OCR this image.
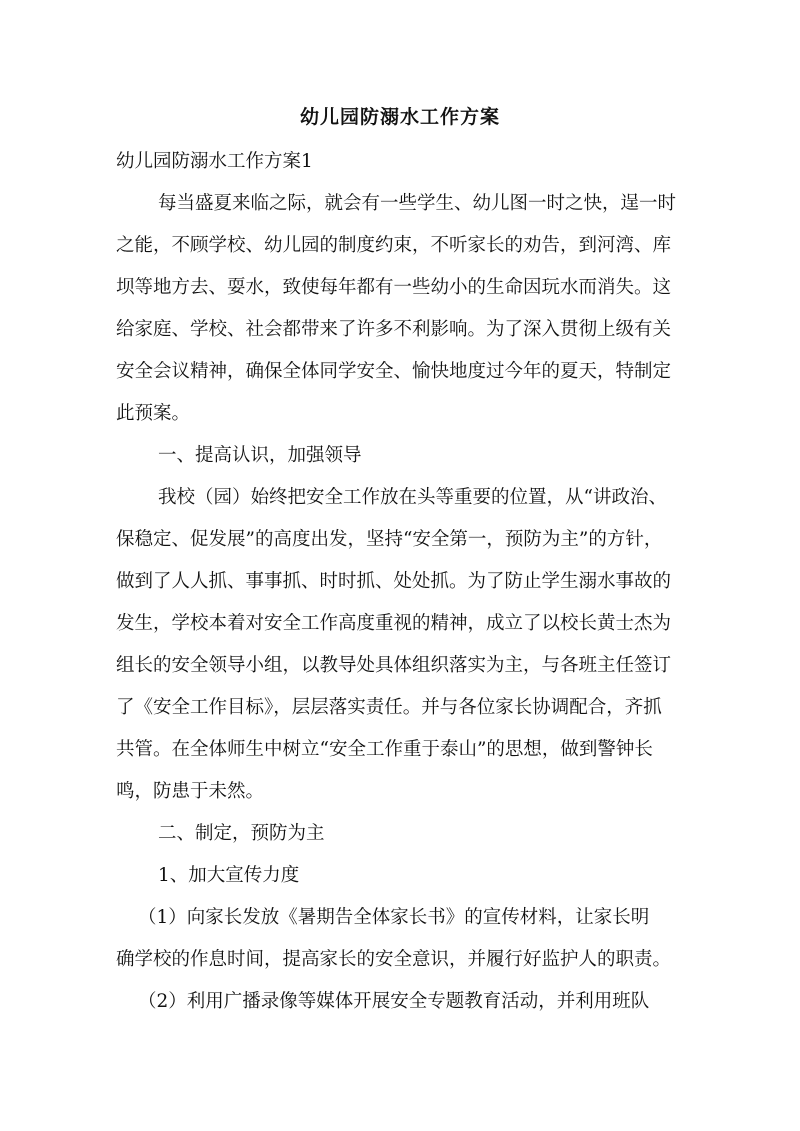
幼儿园防溺水工作方案
幼儿园防溺水工作方案1
每当盛夏来临之际，就会有一些学生、幼儿图一时之快，逞一时
之能，不顾学校、幼儿园的制度约束，不听家长的劝告，到河湾、库
坝等地方去、耍水，致使每年都有一些幼小的生命因玩水而消失。这
给家庭、学校、社会都带来了许多不利影响。为了深入贯彻上级有关
安全会议精神，确保全体同学安全、愉快地度过今年的夏天，特制定
此预案。
一、提高认识，加强领导
我校（园）始终把安全工作放在头等重要的位置，从“讲政治、
保稳定、促发展”的高度出发，坚持“安全第一，预防为主”的方针，
做到了人人抓、事事抓、时时抓、处处抓。为了防止学生溺水事故的
发生，学校本着对安全工作高度重视的精神，成立了以校长黄士杰为
组长的安全领导小组，以教导处具体组织落实为主，与各班主任签订
了《安全工作目标》，层层落实责任。并与各位家长协调配合，齐抓
共管。在全体师生中树立“安全工作重于泰山”的思想，做到警钟长
鸣，防患于未然。
二、制定，预防为主
1、加大宣传力度
（1）向家长发放《暑期告全体家长书》的宣传材料，让家长明
确学校的作息时间，提高家长的安全意识，并履行好监护人的职责。
（2）利用广播录像等媒体开展安全专题教育活动，并利用班队
